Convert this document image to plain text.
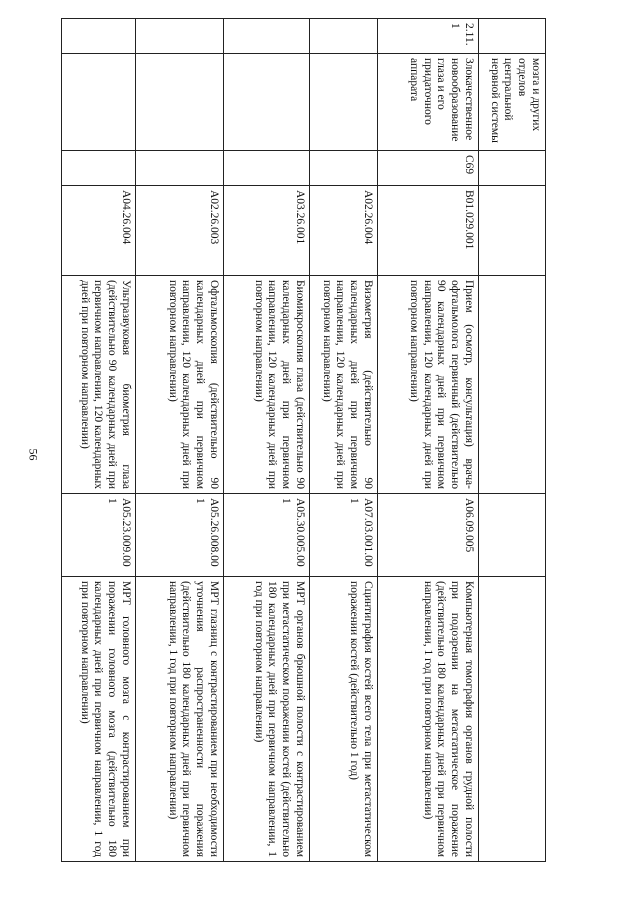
56
	мозга и других отделов центральной нервной системы					
2.11.1	Злокачественное новообразование глаза и его придаточного аппарата	C69	B01.029.001	Прием (осмотр, консультация) врача-офтальмолога первичный (действительно 90 календарных дней при первичном направлении, 120 календарных дней при повторном направлении)	A06.09.005	Компьютерная томография органов грудной полости при подозрении на метастатическое поражение (действительно 180 календарных дней при первичном направлении, 1 год при повторном направлении)
			A02.26.004	Визометрия (действительно 90 календарных дней при первичном направлении, 120 календарных дней при повторном направлении)	A07.03.001.001	Сцинтиграфия костей всего тела при метастатическом поражении костей (действительно 1 год)
			A03.26.001	Биомикроскопия глаза (действительно 90 календарных дней при первичном направлении, 120 календарных дней при повторном направлении)	A05.30.005.001	МРТ органов брюшной полости с контрастированием при метастатическом поражении костей (действительно 180 календарных дней при первичном направлении, 1 год при повторном направлении)
			A02.26.003	Офтальмоскопия (действительно 90 календарных дней при первичном направлении, 120 календарных дней при повторном направлении)	A05.26.008.001	МРТ глазниц с контрастированием при необходимости уточнения распространенности поражения (действительно 180 календарных дней при первичном направлении, 1 год при повторном направлении)
			A04.26.004	Ультразвуковая биометрия глаза (действительно 90 календарных дней при первичном направлении, 120 календарных дней при повторном направлении)	A05.23.009.001	МРТ головного мозга с контрастированием при поражении головного мозга (действительно 180 календарных дней при первичном направлении, 1 год при повторном направлении)
